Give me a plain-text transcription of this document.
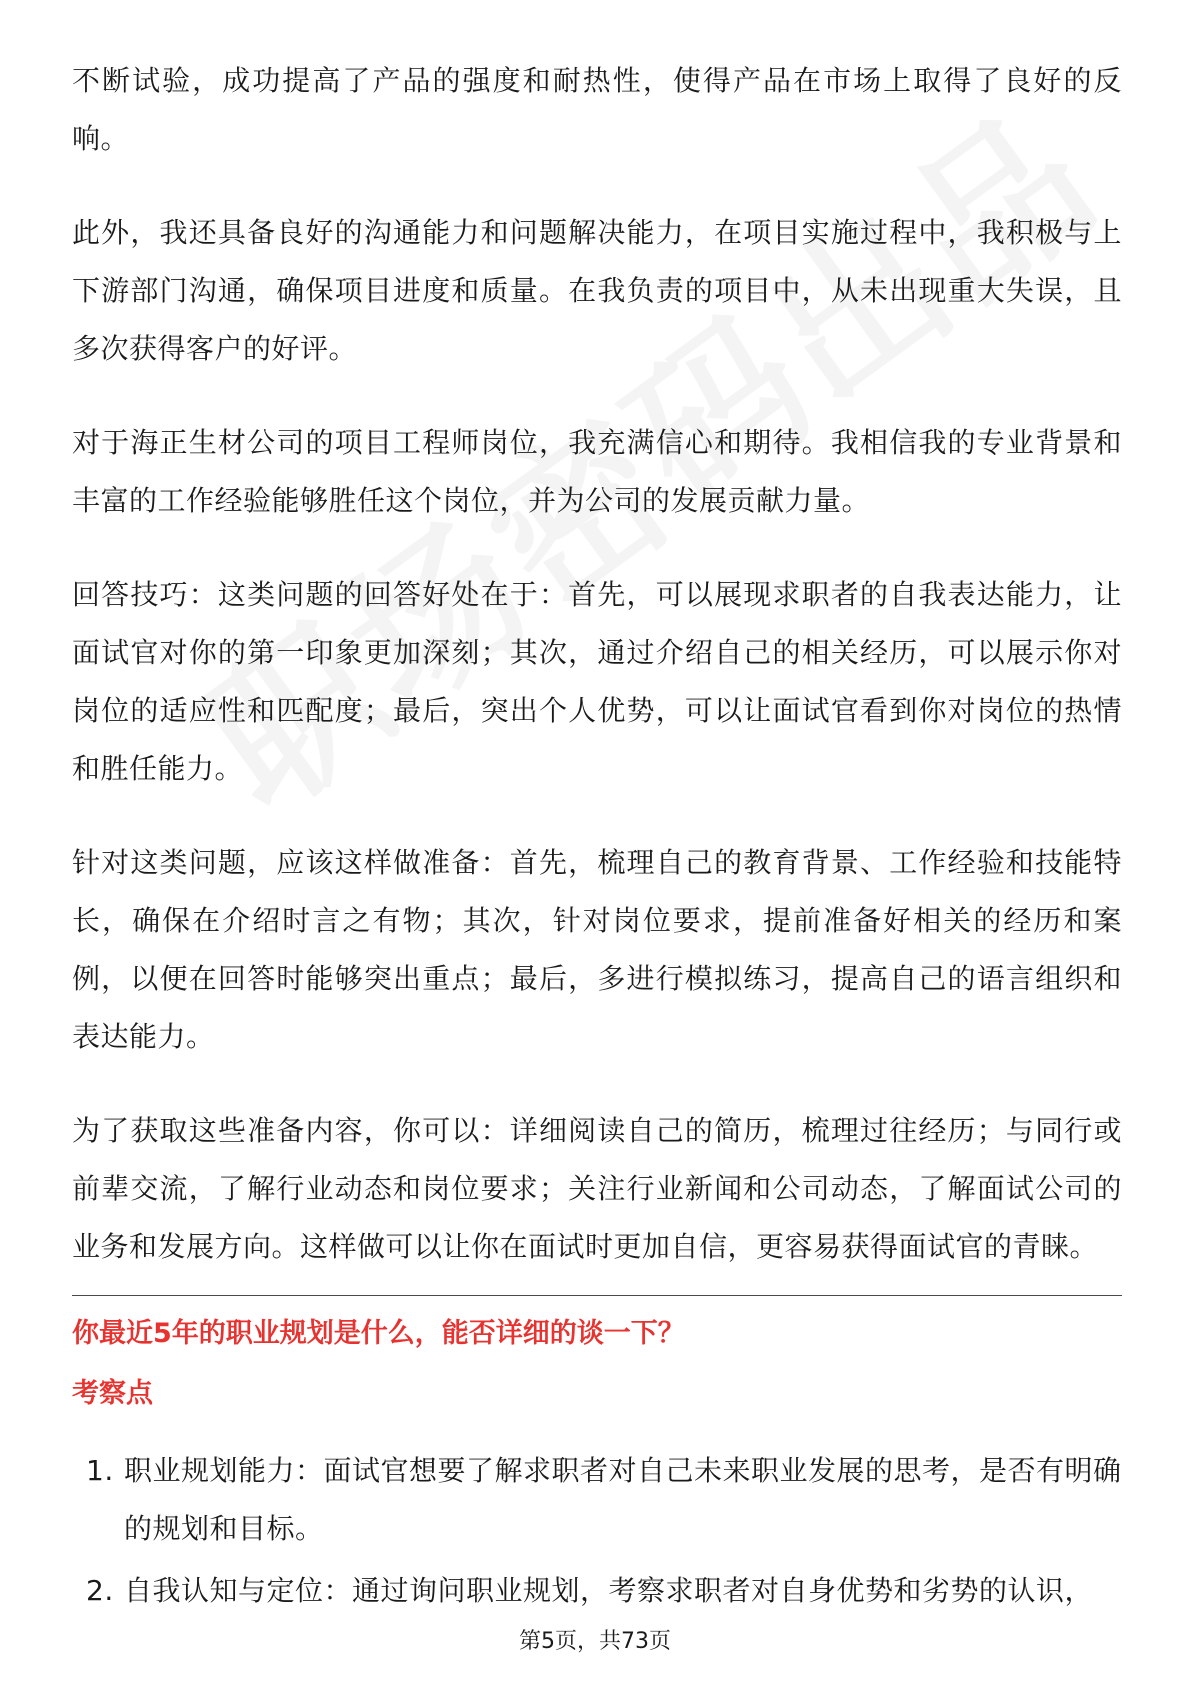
不断试验，成功提高了产品的强度和耐热性，使得产品在市场上取得了良好的反响。

此外，我还具备良好的沟通能力和问题解决能力，在项目实施过程中，我积极与上下游部门沟通，确保项目进度和质量。在我负责的项目中，从未出现重大失误，且多次获得客户的好评。

对于海正生材公司的项目工程师岗位，我充满信心和期待。我相信我的专业背景和丰富的工作经验能够胜任这个岗位，并为公司的发展贡献力量。

回答技巧：这类问题的回答好处在于：首先，可以展现求职者的自我表达能力，让面试官对你的第一印象更加深刻；其次，通过介绍自己的相关经历，可以展示你对岗位的适应性和匹配度；最后，突出个人优势，可以让面试官看到你对岗位的热情和胜任能力。

针对这类问题，应该这样做准备：首先，梳理自己的教育背景、工作经验和技能特长，确保在介绍时言之有物；其次，针对岗位要求，提前准备好相关的经历和案例，以便在回答时能够突出重点；最后，多进行模拟练习，提高自己的语言组织和表达能力。

为了获取这些准备内容，你可以：详细阅读自己的简历，梳理过往经历；与同行或前辈交流，了解行业动态和岗位要求；关注行业新闻和公司动态，了解面试公司的业务和发展方向。这样做可以让你在面试时更加自信，更容易获得面试官的青睐。

你最近5年的职业规划是什么，能否详细的谈一下？
考察点
1. 职业规划能力：面试官想要了解求职者对自己未来职业发展的思考，是否有明确的规划和目标。
2. 自我认知与定位：通过询问职业规划，考察求职者对自身优势和劣势的认识，
第5页，共73页
